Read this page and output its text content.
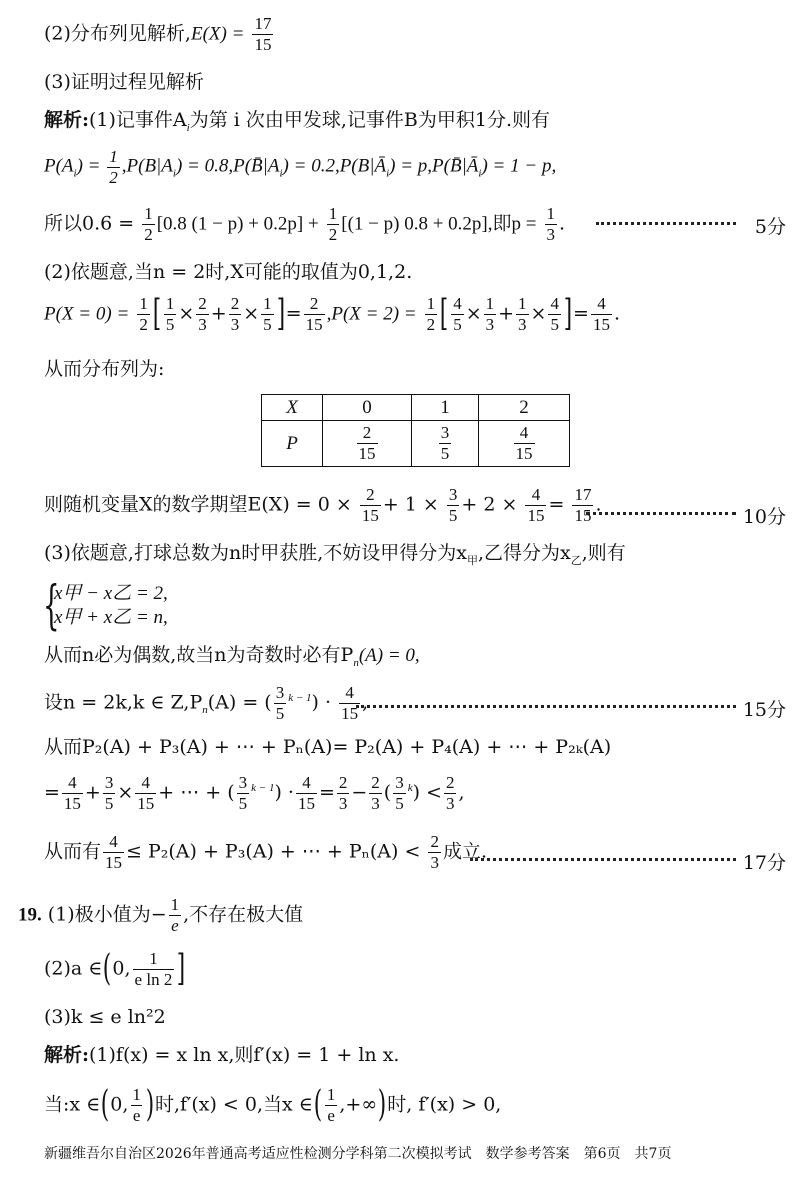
(2)分布列见解析$,E(X) = \frac{17}{15}$
(3)证明过程见解析
解析:(1)记事件$A_i$为第 i 次由甲发球,记事件B为甲积1分.则有
$P(A_i) = \frac{1}{2} ,P(B|A_i)$ = $0.8,P(B̄|A_i)$ = $0.2,P(B|Ā_i)$ = $p,P(B̄|Ā_i) = 1 - p$,
所以$0.6 = \frac{1}{2} [0.8$ $(1 - p) + 0.2p] + \frac{1}{2} [(1 - p) 0.8 + 0.2p]$,即$p = \frac{1}{3}$ .	5分
(2)依题意,当n = 2时,X可能的取值为0,1,2.
$P(X = 0) = \frac{1}{2}$ [ $\frac{1}{5} \times \frac{2}{3} + \frac{2}{3} \times \frac{1}{5}$ ]= $\frac{2}{15} ,P(X = 2) = \frac{1}{2}$ [ $\frac{4}{5} \times \frac{1}{3} + \frac{1}{3} \times \frac{4}{5}$ ]= $\frac{4}{15}$ .
从而分布列为:
X	0	1	2
P	$\frac{2}{15}$	$\frac{3}{5}$	$\frac{4}{15}$
则随机变量X的数学期望$E(X) = 0 \times \frac{2}{15} + 1 \times \frac{3}{5} + 2 \times \frac{4}{15} = \frac{17}{15}$ .
10分
(3)依题意,打球总数为n时甲获胜,不妨设甲得分为$x_甲$,乙得分为$x_乙$,则有
{
x甲 − x乙 = 2,
x甲 + x乙 = n,
从而n必为偶数,故当n为奇数时必有$P_n(A) = 0$,
设n = 2k,k ∈ $Z,P_n(A)$ = ( $\frac{3}{5} ^{k - 1}) \cdot \frac{4}{15}$ ,	15分
从而P₂(A) + P₃(A) + ⋯ + Pₙ(A)= P₂(A) + P₄(A) + ⋯ + P₂ₖ(A)
= $\frac{4}{15} + \frac{3}{5} \times \frac{4}{15}$ + ⋯ + ( $\frac{3}{5} ^{k - 1}) \cdot \frac{4}{15} = \frac{2}{3} - \frac{2}{3}$ ( $\frac{3}{5} ^k) < \frac{2}{3}$ ,
从而有 $\frac{4}{15} \le P_2(A) + P_3(A)$ + ⋯ + $P_n(A) < \frac{2}{3}$ 成立.
17分
19. (1)极小值为− $\frac{1}{e}$ ,不存在极大值
(2)a ∈(0, $\frac{1}{\text{e ln 2}}$ ]
(3)k ≤ e ln²2
解析:(1)f(x) = x ln x,则f′(x) = 1 + ln x.
当:x ∈(0, $\frac{1}{e}$ )时,f′(x) < 0,当x ∈( $\frac{1}{e}$ ,+∞)时, f′(x) > 0,
新疆维吾尔自治区2026年普通高考适应性检测分学科第二次模拟考试　数学参考答案　第6页　共7页
